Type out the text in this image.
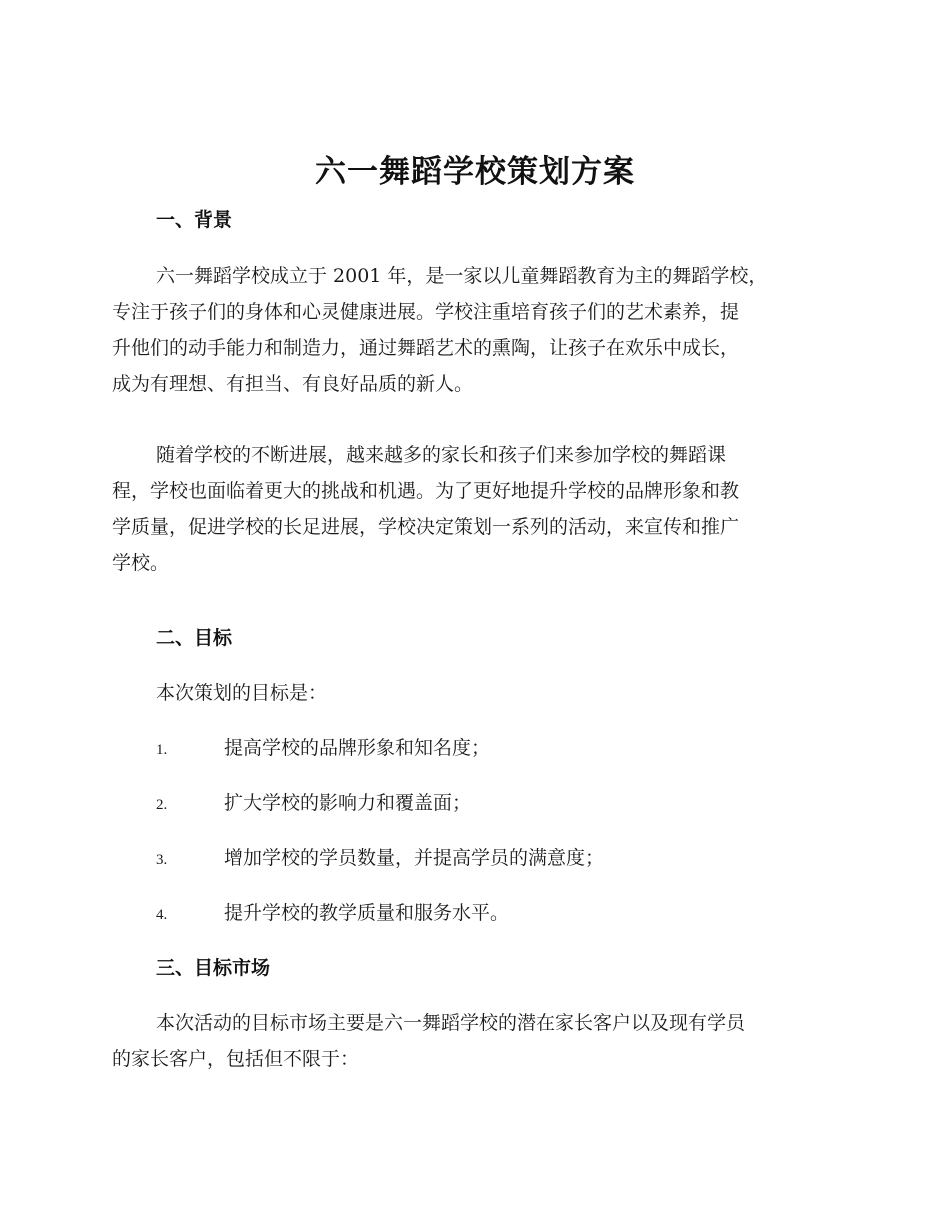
六一舞蹈学校策划方案
一、背景

六一舞蹈学校成立于 2001 年，是一家以儿童舞蹈教育为主的舞蹈学校，
专注于孩子们的身体和心灵健康进展。学校注重培育孩子们的艺术素养，提
升他们的动手能力和制造力，通过舞蹈艺术的熏陶，让孩子在欢乐中成长，
成为有理想、有担当、有良好品质的新人。

随着学校的不断进展，越来越多的家长和孩子们来参加学校的舞蹈课
程，学校也面临着更大的挑战和机遇。为了更好地提升学校的品牌形象和教
学质量，促进学校的长足进展，学校决定策划一系列的活动，来宣传和推广
学校。

二、目标
本次策划的目标是：
1.	提高学校的品牌形象和知名度；
2.	扩大学校的影响力和覆盖面；
3.	增加学校的学员数量，并提高学员的满意度；
4.	提升学校的教学质量和服务水平。
三、目标市场

本次活动的目标市场主要是六一舞蹈学校的潜在家长客户以及现有学员
的家长客户，包括但不限于：
